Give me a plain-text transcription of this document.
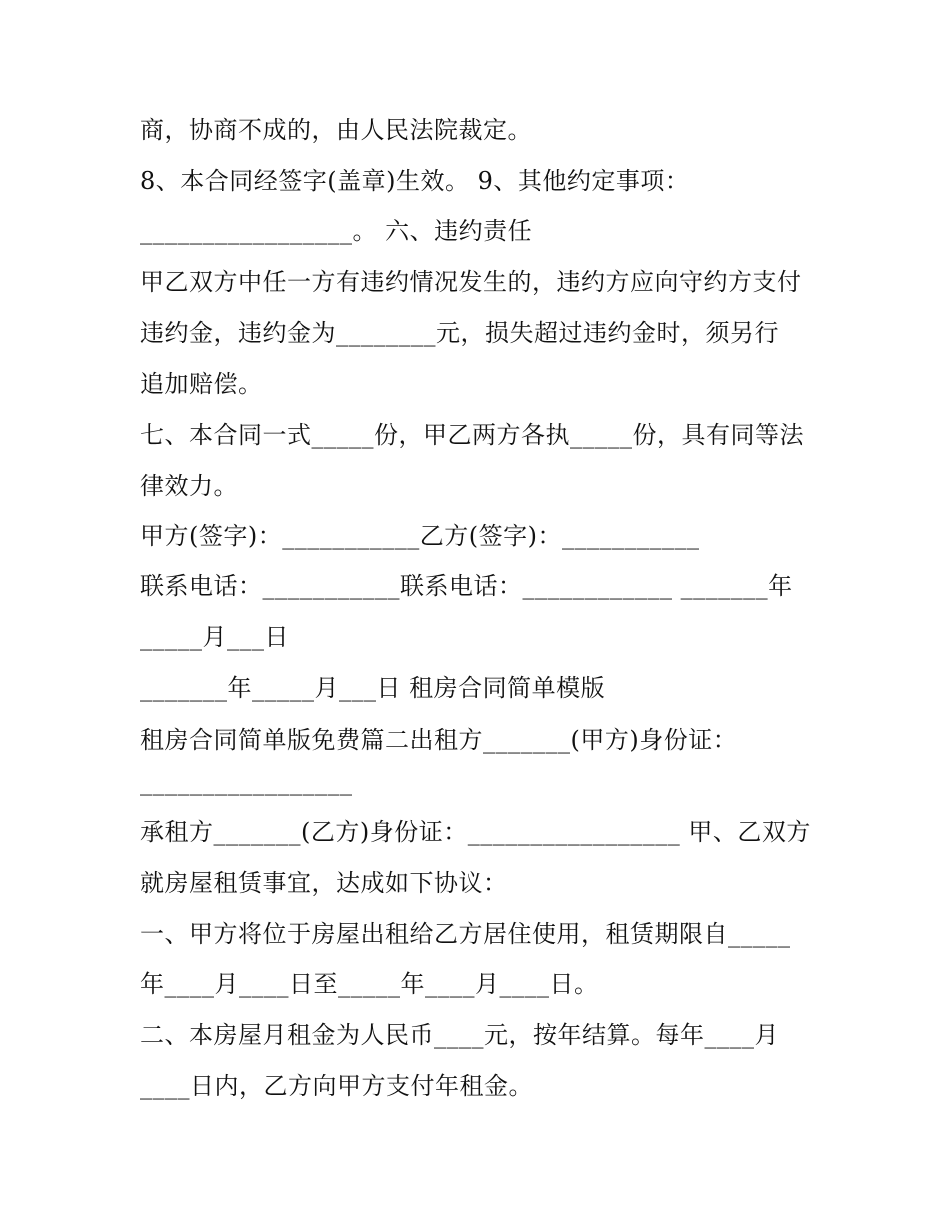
商，协商不成的，由人民法院裁定。
8、本合同经签字(盖章)生效。 9、其他约定事项：
_________________。 六、违约责任
甲乙双方中任一方有违约情况发生的，违约方应向守约方支付
违约金，违约金为________元，损失超过违约金时，须另行
追加赔偿。
七、本合同一式_____份，甲乙两方各执_____份，具有同等法
律效力。
甲方(签字)：___________乙方(签字)：___________
联系电话：___________联系电话：____________ _______年
_____月___日
_______年_____月___日 租房合同简单模版
租房合同简单版免费篇二出租方_______(甲方)身份证：
_________________
承租方_______(乙方)身份证：_________________ 甲、乙双方
就房屋租赁事宜，达成如下协议：
一、甲方将位于房屋出租给乙方居住使用，租赁期限自_____
年____月____日至_____年____月____日。
二、本房屋月租金为人民币____元，按年结算。每年____月
____日内，乙方向甲方支付年租金。
